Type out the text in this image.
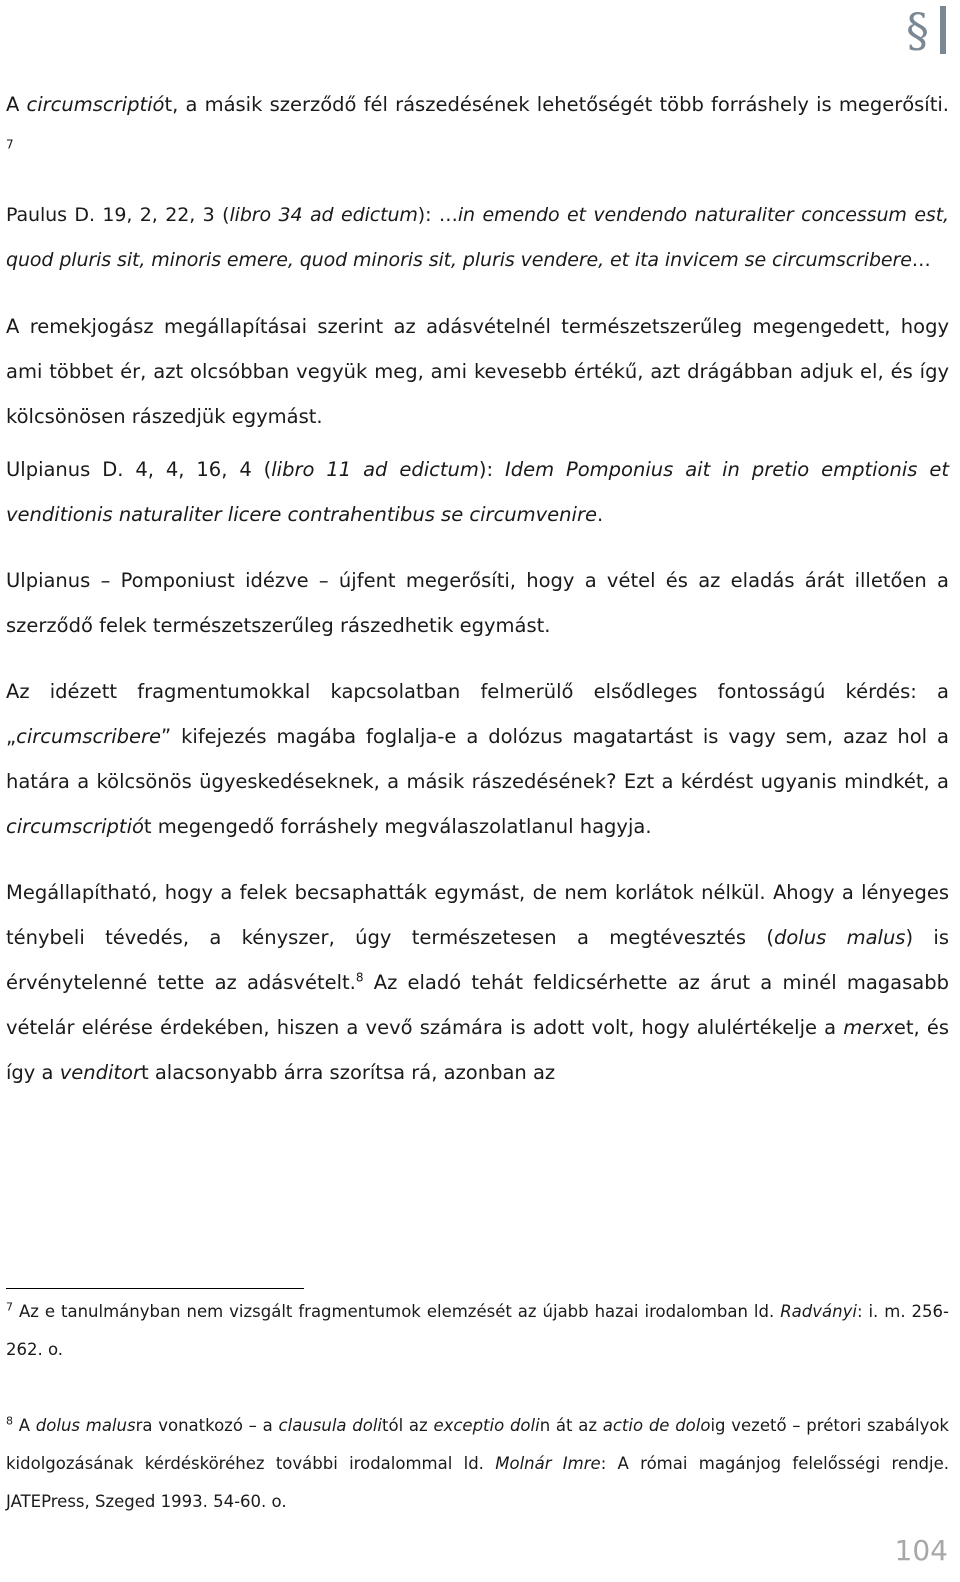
§

A circumscriptiót, a másik szerződő fél rászedésének lehetőségét több forráshely is megerősíti. $^7$

Paulus D. 19, 2, 22, 3 (libro 34 ad edictum): …in emendo et vendendo naturaliter concessum est, quod pluris sit, minoris emere, quod minoris sit, pluris vendere, et ita invicem se circumscribere…

A remekjogász megállapításai szerint az adásvételnél természetszerűleg megengedett, hogy ami többet ér, azt olcsóbban vegyük meg, ami kevesebb értékű, azt drágábban adjuk el, és így kölcsönösen rászedjük egymást.

Ulpianus D. 4, 4, 16, 4 (libro 11 ad edictum): Idem Pomponius ait in pretio emptionis et venditionis naturaliter licere contrahentibus se circumvenire.

Ulpianus – Pomponiust idézve – újfent megerősíti, hogy a vétel és az eladás árát illetően a szerződő felek természetszerűleg rászedhetik egymást.

Az idézett fragmentumokkal kapcsolatban felmerülő elsődleges fontosságú kérdés: a „circumscribere” kifejezés magába foglalja-e a dolózus magatartást is vagy sem, azaz hol a határa a kölcsönös ügyeskedéseknek, a másik rászedésének? Ezt a kérdést ugyanis mindkét, a circumscriptiót megengedő forráshely megválaszolatlanul hagyja.

Megállapítható, hogy a felek becsaphatták egymást, de nem korlátok nélkül. Ahogy a lényeges ténybeli tévedés, a kényszer, úgy természetesen a megtévesztés (dolus malus) is érvénytelenné tette az adásvételt.$^8$ Az eladó tehát feldicsérhette az árut a minél magasabb vételár elérése érdekében, hiszen a vevő számára is adott volt, hogy alulértékelje a merxet, és így a venditort alacsonyabb árra szorítsa rá, azonban az

$^7$ Az e tanulmányban nem vizsgált fragmentumok elemzését az újabb hazai irodalomban ld. Radványi: i. m. 256-262. o.

$^8$ A dolus malusra vonatkozó – a clausula dolitól az exceptio dolin át az actio de doloig vezető – prétori szabályok kidolgozásának kérdésköréhez további irodalommal ld. Molnár Imre: A római magánjog felelősségi rendje. JATEPress, Szeged 1993. 54-60. o.

104
